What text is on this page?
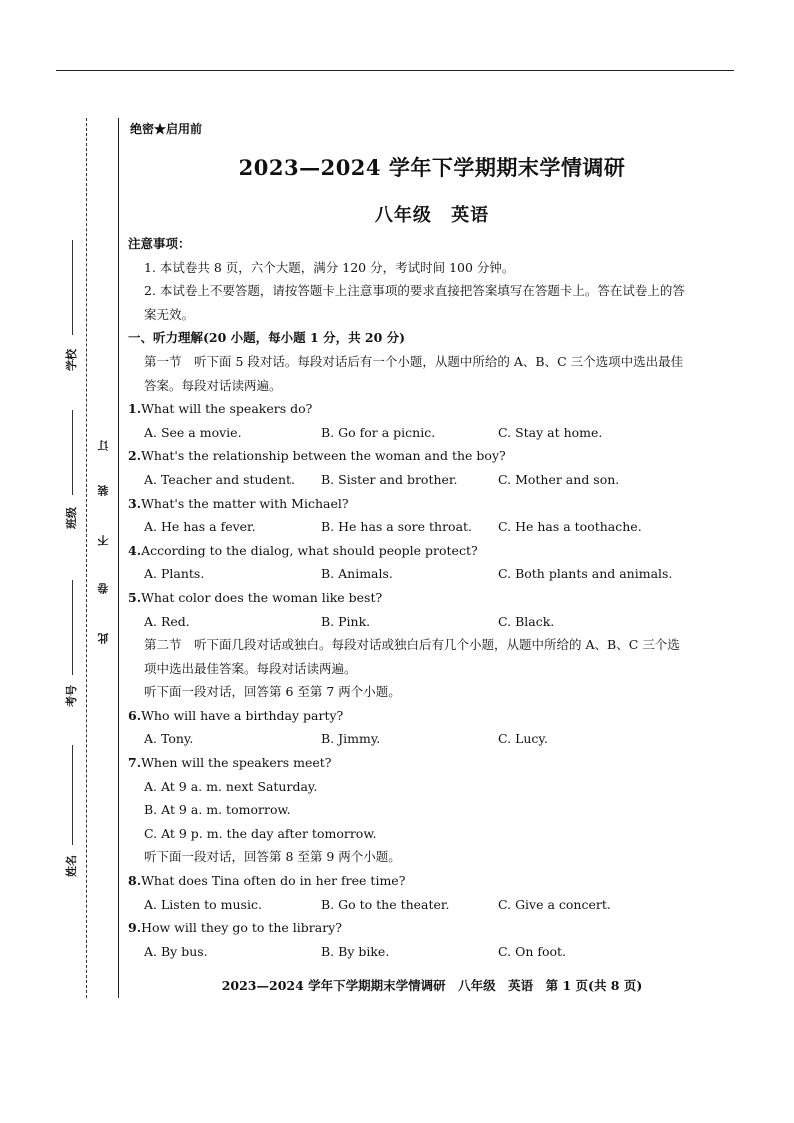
学校
班级
考号
姓名
订
装
不
卷
此
绝密★启用前
2023—2024 学年下学期期末学情调研
八年级 英语
注意事项：
1. 本试卷共 8 页，六个大题，满分 120 分，考试时间 100 分钟。
2. 本试卷上不要答题，请按答题卡上注意事项的要求直接把答案填写在答题卡上。答在试卷上的答案无效。
一、听力理解(20 小题，每小题 1 分，共 20 分)
第一节　听下面 5 段对话。每段对话后有一个小题，从题中所给的 A、B、C 三个选项中选出最佳答案。每段对话读两遍。
1.What will the speakers do?
A. See a movie.	B. Go for a picnic.	C. Stay at home.
2.What's the relationship between the woman and the boy?
A. Teacher and student.	B. Sister and brother.	C. Mother and son.
3.What's the matter with Michael?
A. He has a fever.	B. He has a sore throat.	C. He has a toothache.
4.According to the dialog, what should people protect?
A. Plants.	B. Animals.	C. Both plants and animals.
5.What color does the woman like best?
A. Red.	B. Pink.	C. Black.
第二节　听下面几段对话或独白。每段对话或独白后有几个小题，从题中所给的 A、B、C 三个选项中选出最佳答案。每段对话读两遍。
听下面一段对话，回答第 6 至第 7 两个小题。
6.Who will have a birthday party?
A. Tony.	B. Jimmy.	C. Lucy.
7.When will the speakers meet?
A. At 9 a. m. next Saturday.
B. At 9 a. m. tomorrow.
C. At 9 p. m. the day after tomorrow.
听下面一段对话，回答第 8 至第 9 两个小题。
8.What does Tina often do in her free time?
A. Listen to music.	B. Go to the theater.	C. Give a concert.
9.How will they go to the library?
A. By bus.	B. By bike.	C. On foot.
2023—2024 学年下学期期末学情调研　八年级　英语　第 1 页(共 8 页)
